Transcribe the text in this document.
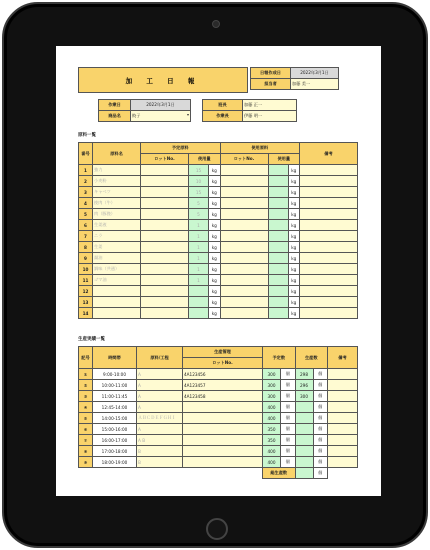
加 工 日 報
日報作成日	2022年3月1日
担当者	加藤 美一
作業日	2022年3月1日		班長	加藤 正一
商品名	餃子 ▾		作業長	伊藤 明一
原料一覧
番号	原料名	予定原料			使用原料			備考
		ロットNo.	使用量		ロットNo.	使用量		
1	強力		15	kg			kg	
2	小麦粉		10	kg			kg	
3	キャベツ		15	kg			kg	
4	挽肉（牛）		5	kg			kg	
5	肉（豚挽）		5	kg			kg	
6	生姜液		1	kg			kg	
7	ニラ		1	kg			kg	
8	生姜		1	kg			kg	
9	醤油		1	kg			kg	
10	調味（共通）		1	kg			kg	
11	ゴマ油		1	kg			kg	
12				kg			kg	
13				kg			kg	
14				kg			kg	
生産実績一覧
記号	時間帯	原料/工程	生産管理	予定数		生産数		備考
			ロットNo.					
①	9:00-10:00	A	4A123456	300	個	298	個	
②	10:00-11:00	A	4A123457	300	個	296	個	
③	11:00-11:45	A	4A123458	300	個	300	個	
④	12:45-14:00	A		400	個		個	
⑤	14:00-15:00	ＡＢＣＤＥＦＧＨＩ		400	個		個	
⑥	15:00-16:00	A		350	個		個	
⑦	16:00-17:00	A B		350	個		個	
⑧	17:00-18:00	B		400	個		個	
⑨	18:00-19:00	B		400	個		個	
				総生産数			個	
